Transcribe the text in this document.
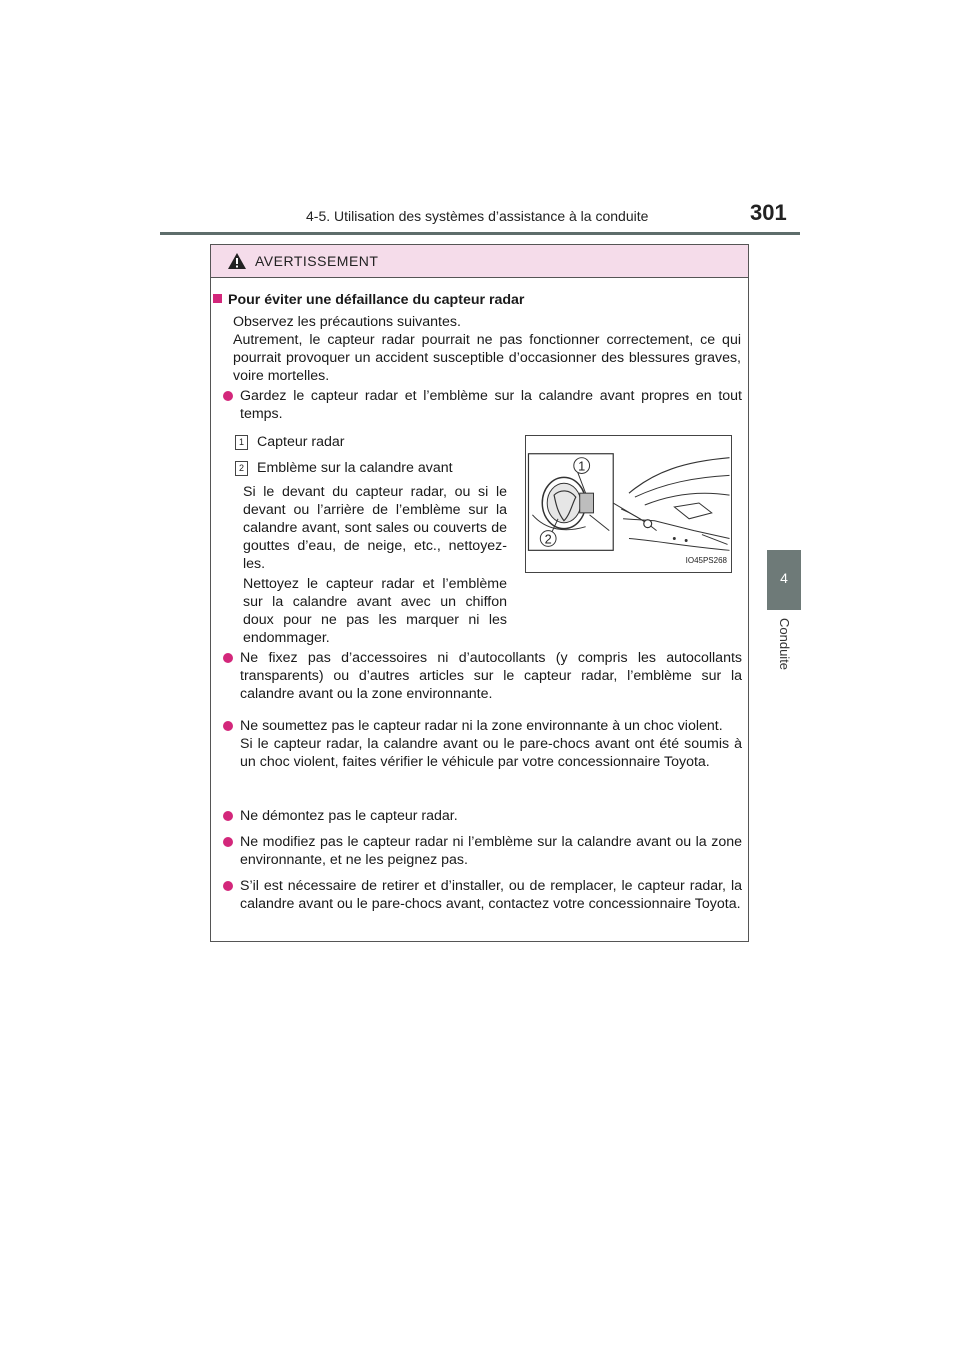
4-5. Utilisation des systèmes d’assistance à la conduite	301
4
Conduite
AVERTISSEMENT
Pour éviter une défaillance du capteur radar
Observez les précautions suivantes.
Autrement, le capteur radar pourrait ne pas fonctionner correctement, ce qui pourrait provoquer un accident susceptible d’occasionner des blessures graves, voire mortelles.
Gardez le capteur radar et l’emblème sur la calandre avant propres en tout temps.
1 Capteur radar
2 Emblème sur la calandre avant
Si le devant du capteur radar, ou si le devant ou l’arrière de l’emblème sur la calandre avant, sont sales ou couverts de gouttes d’eau, de neige, etc., nettoyez-les.
Nettoyez le capteur radar et l’emblème sur la calandre avant avec un chiffon doux pour ne pas les marquer ni les endommager.
1
2
IO45PS268
Ne fixez pas d’accessoires ni d’autocollants (y compris les autocollants transparents) ou d’autres articles sur le capteur radar, l’emblème sur la calandre avant ou la zone environnante.
Ne soumettez pas le capteur radar ni la zone environnante à un choc violent.
Si le capteur radar, la calandre avant ou le pare-chocs avant ont été soumis à un choc violent, faites vérifier le véhicule par votre concessionnaire Toyota.
Ne démontez pas le capteur radar.
Ne modifiez pas le capteur radar ni l’emblème sur la calandre avant ou la zone environnante, et ne les peignez pas.
S’il est nécessaire de retirer et d’installer, ou de remplacer, le capteur radar, la calandre avant ou le pare-chocs avant, contactez votre concessionnaire Toyota.
